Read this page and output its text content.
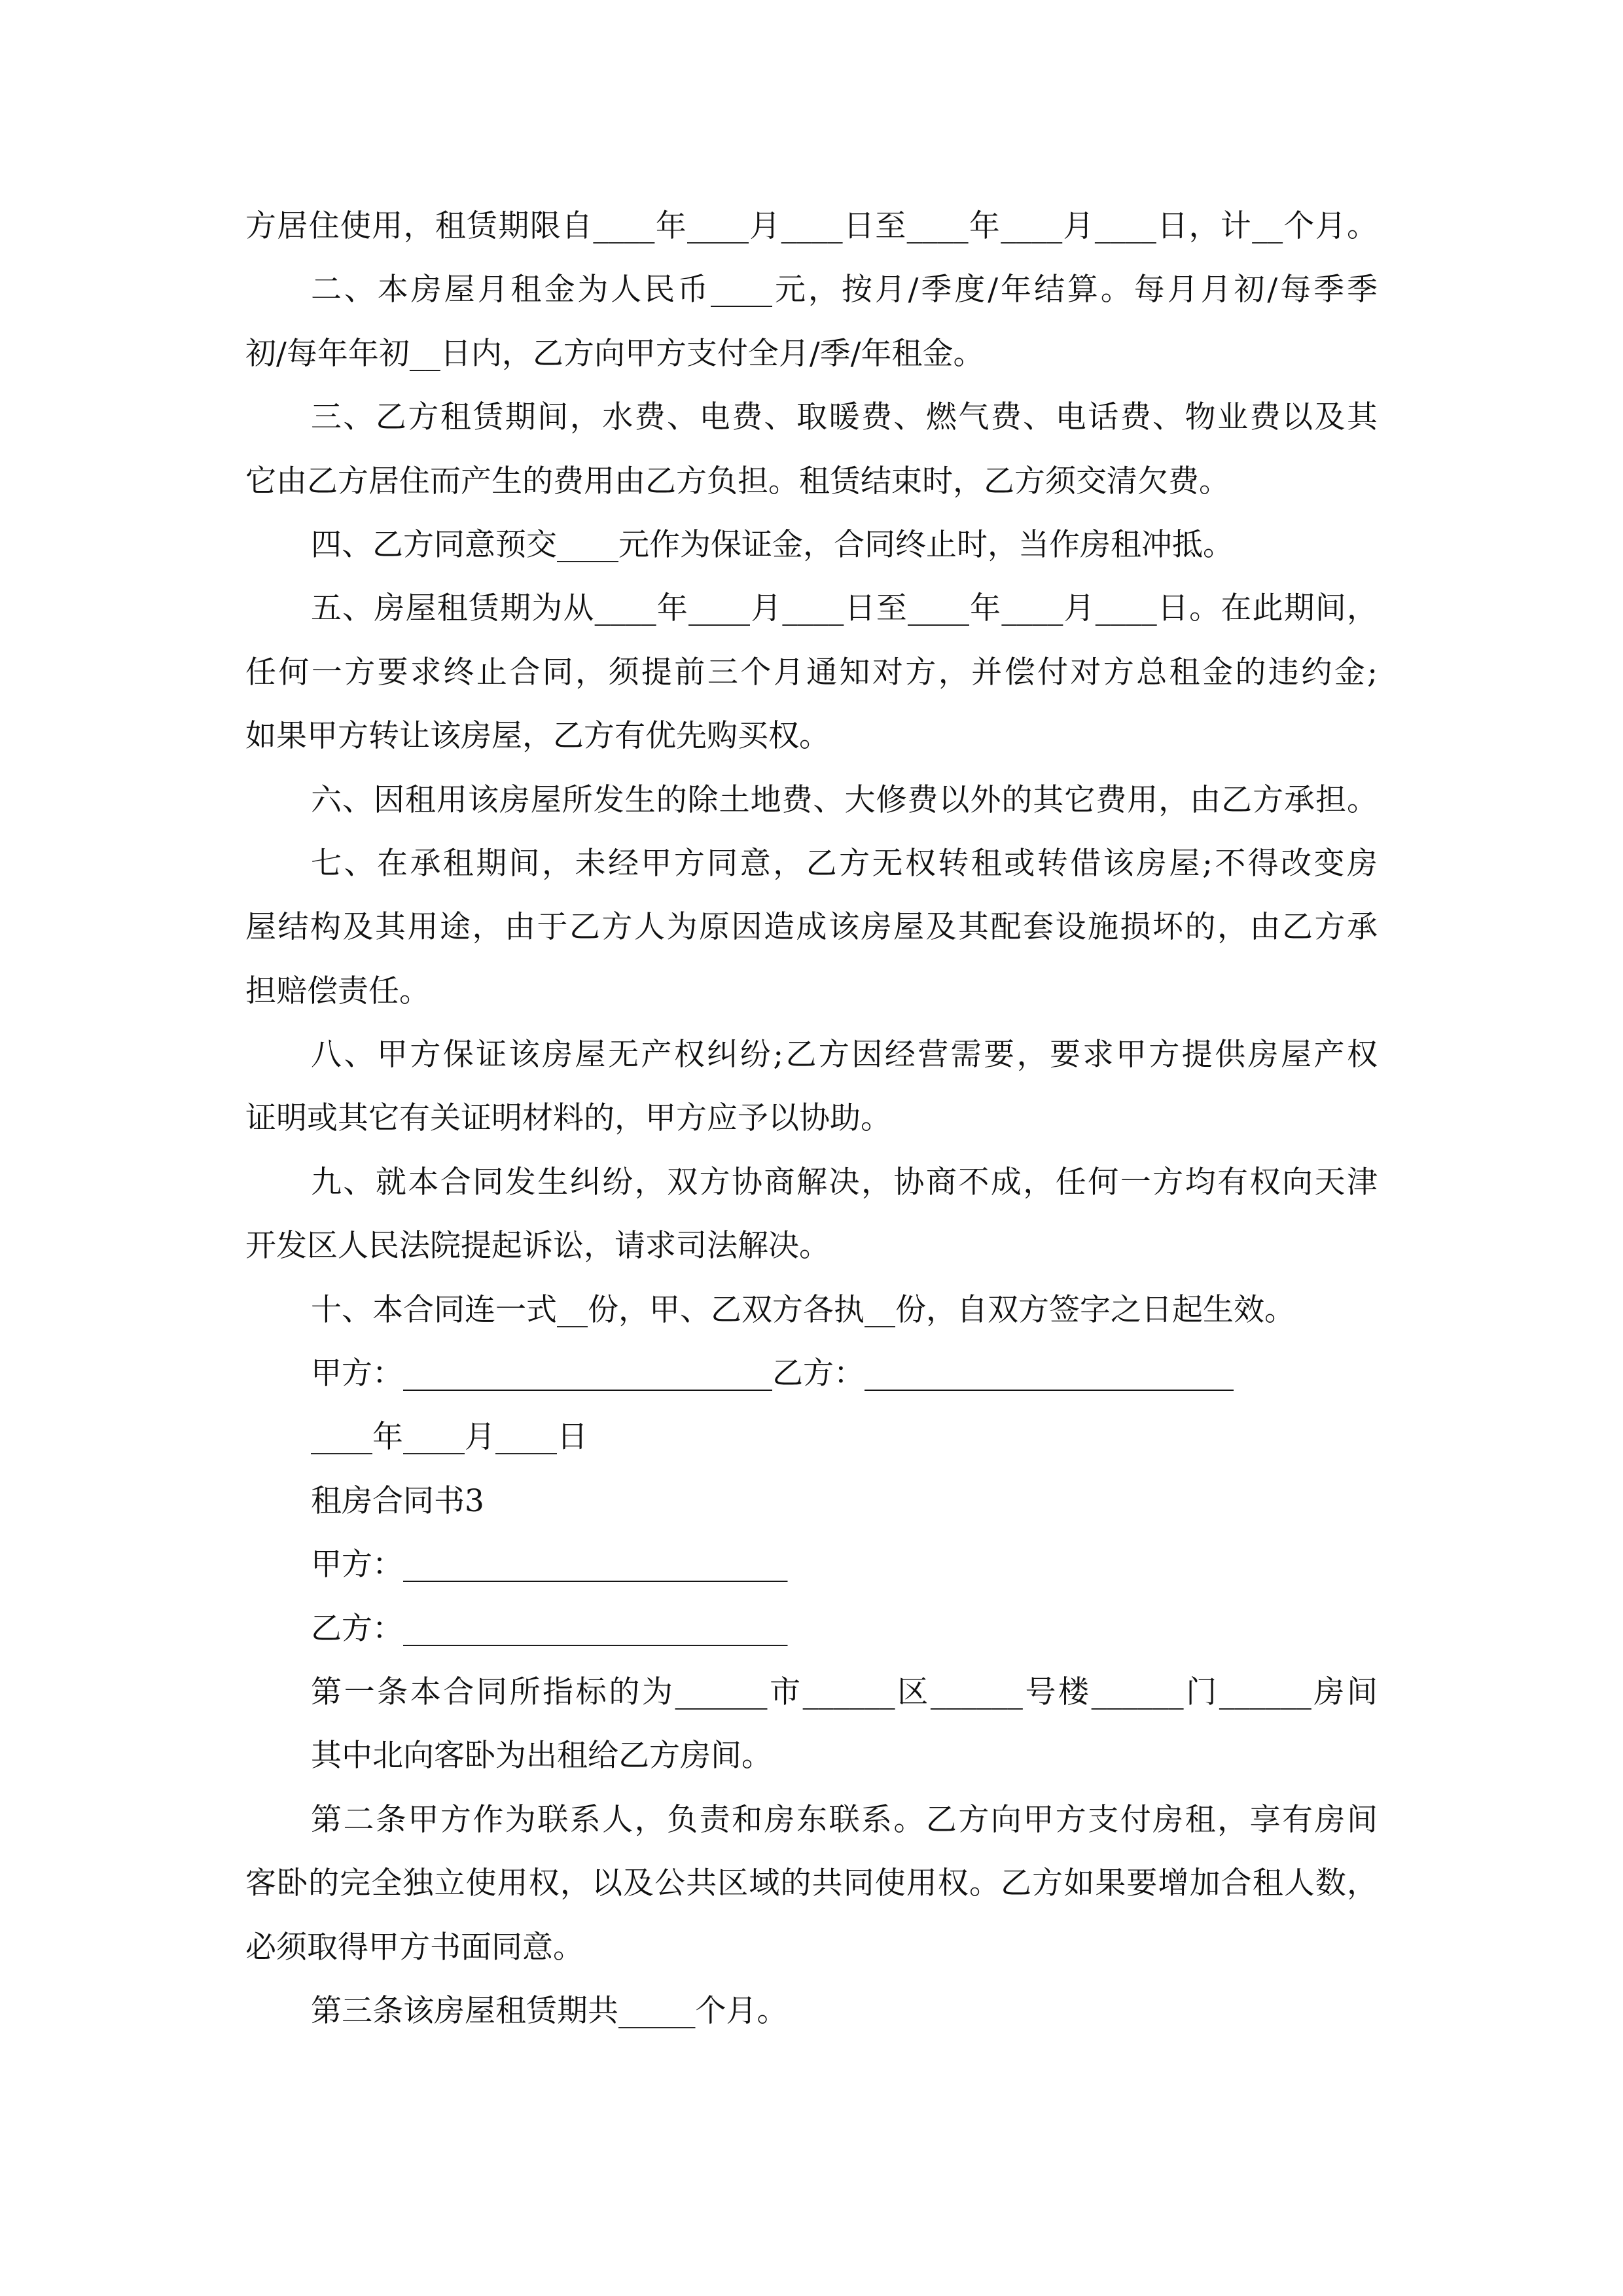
方居住使用，租赁期限自____年____月____日至____年____月____日，计__个月。
二、本房屋月租金为人民币____元，按月/季度/年结算。每月月初/每季季
初/每年年初__日内，乙方向甲方支付全月/季/年租金。
三、乙方租赁期间，水费、电费、取暖费、燃气费、电话费、物业费以及其
它由乙方居住而产生的费用由乙方负担。租赁结束时，乙方须交清欠费。
四、乙方同意预交____元作为保证金，合同终止时，当作房租冲抵。
五、房屋租赁期为从____年____月____日至____年____月____日。在此期间，
任何一方要求终止合同，须提前三个月通知对方，并偿付对方总租金的违约金;
如果甲方转让该房屋，乙方有优先购买权。
六、因租用该房屋所发生的除土地费、大修费以外的其它费用，由乙方承担。
七、在承租期间，未经甲方同意，乙方无权转租或转借该房屋;不得改变房
屋结构及其用途，由于乙方人为原因造成该房屋及其配套设施损坏的，由乙方承
担赔偿责任。
八、甲方保证该房屋无产权纠纷;乙方因经营需要，要求甲方提供房屋产权
证明或其它有关证明材料的，甲方应予以协助。
九、就本合同发生纠纷，双方协商解决，协商不成，任何一方均有权向天津
开发区人民法院提起诉讼，请求司法解决。
十、本合同连一式__份，甲、乙双方各执__份，自双方签字之日起生效。
甲方：________________________乙方：________________________
____年____月____日
租房合同书3
甲方：_________________________
乙方：_________________________
第一条本合同所指标的为______市______区______号楼______门______房间
其中北向客卧为出租给乙方房间。
第二条甲方作为联系人，负责和房东联系。乙方向甲方支付房租，享有房间
客卧的完全独立使用权，以及公共区域的共同使用权。乙方如果要增加合租人数，
必须取得甲方书面同意。
第三条该房屋租赁期共_____个月。
